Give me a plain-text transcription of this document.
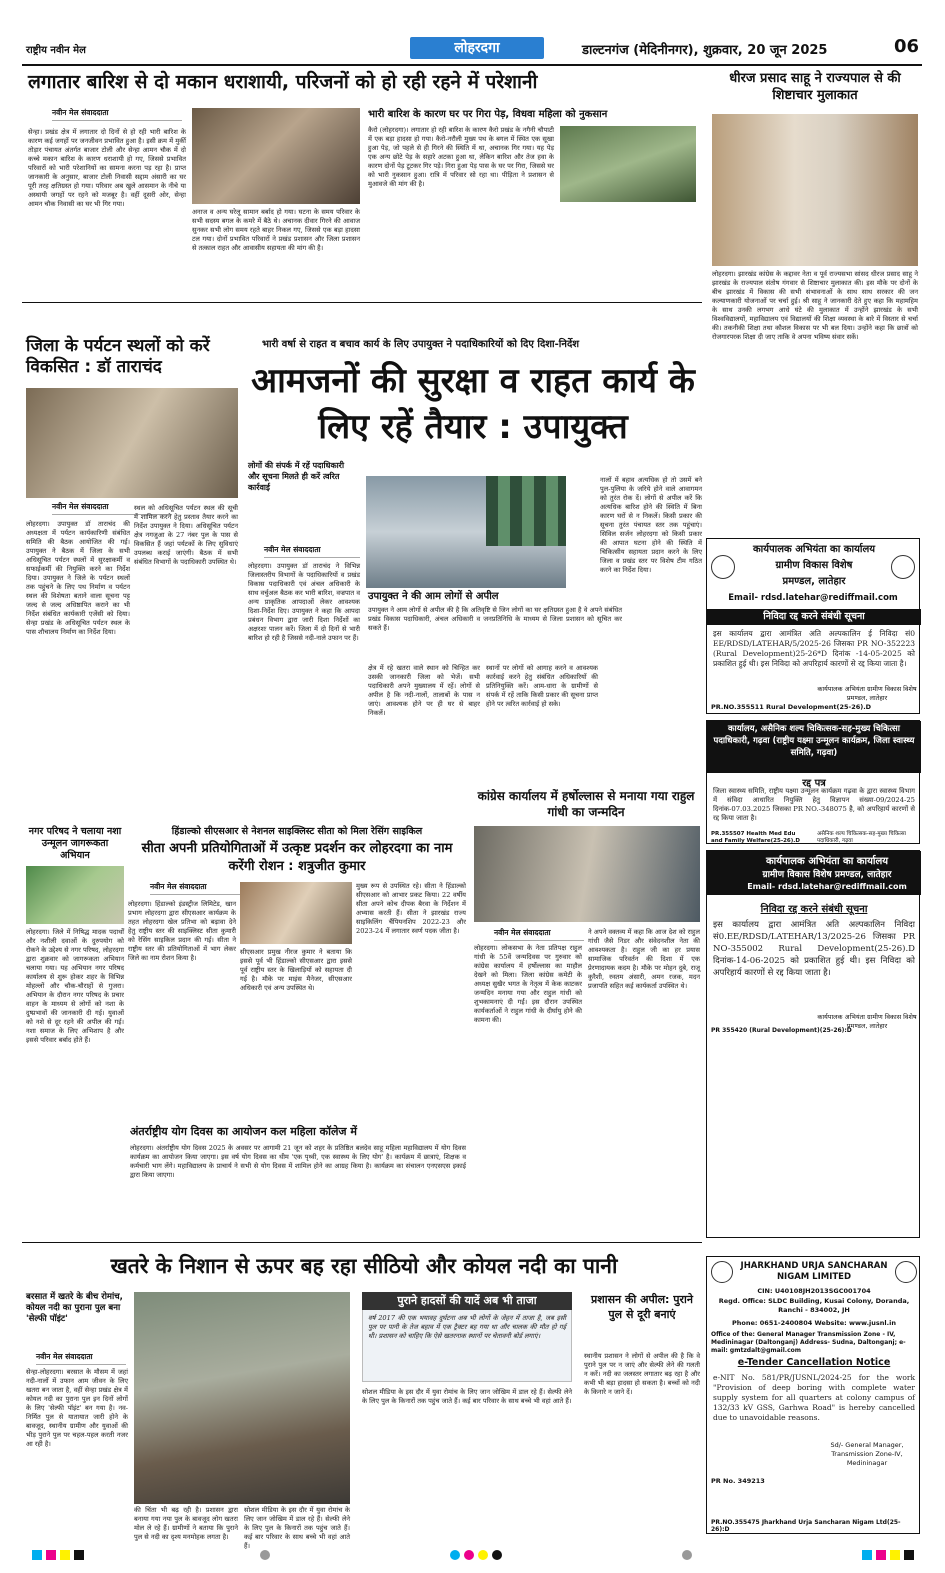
राष्ट्रीय नवीन मेल	लोहरदगा	डाल्टनगंज (मेदिनीनगर), शुक्रवार, 20 जून 2025	06
लगातार बारिश से दो मकान धराशायी, परिजनों को हो रही रहने में परेशानी
नवीन मेल संवाददाता
सेन्हा। प्रखंड क्षेत्र में लगातार दो दिनों से हो रही भारी बारिश के कारण कई जगहों पर जनजीवन प्रभावित हुआ है। इसी क्रम में मुर्की तोड़ार पंचायत अंतर्गत बाजार टोली और सेन्हा आमन चौक में दो कच्चे मकान बारिश के कारण धराशायी हो गए, जिससे प्रभावित परिवारों को भारी परेशानियों का सामना करना पड़ रहा है। प्राप्त जानकारी के अनुसार, बाजार टोली निवासी सद्दाम अंसारी का घर पूरी तरह क्षतिग्रस्त हो गया। परिवार अब खुले आसमान के नीचे या अस्थायी जगहों पर रहने को मजबूर है। वहीं दूसरी ओर, सेन्हा आमन चौक निवासी का घर भी गिर गया।
अनाज व अन्य घरेलू सामान बर्बाद हो गया। घटना के समय परिवार के सभी सदस्य बगल के कमरे में बैठे थे। अचानक दीवार गिरने की आवाज सुनकर सभी लोग समय रहते बाहर निकल गए, जिससे एक बड़ा हादसा टल गया। दोनों प्रभावित परिवारों ने प्रखंड प्रशासन और जिला प्रशासन से तत्काल राहत और आवासीय सहायता की मांग की है।
भारी बारिश के कारण घर पर गिरा पेड़, विधवा महिला को नुकसान
कैरो (लोहरदगा)। लगातार हो रही बारिश के कारण कैरो प्रखंड के नगैनी चौपाटी में एक बड़ा हादसा हो गया। कैरो-नरौली मुख्य पथ के बगल में स्थित एक सूखा हुआ पेड़, जो पहले से ही गिरने की स्थिति में था, अचानक गिर गया। यह पेड़ एक अन्य छोटे पेड़ के सहारे अटका हुआ था, लेकिन बारिश और तेज हवा के कारण दोनों पेड़ टूटकर गिर पड़े। गिरा हुआ पेड़ पास के घर पर गिरा, जिससे घर को भारी नुकसान हुआ। रात्रि में परिवार सो रहा था। पीड़िता ने प्रशासन से मुआवजे की मांग की है।
धीरज प्रसाद साहू ने राज्यपाल से की शिष्टाचार मुलाकात
लोहरदगा। झारखंड कांग्रेस के कद्दावर नेता व पूर्व राज्यसभा सांसद धीरज प्रसाद साहू ने झारखंड के राज्यपाल संतोष गंगवार से शिष्टाचार मुलाकात की। इस मौके पर दोनों के बीच झारखंड में विकास की सभी संभावनाओं के साथ साथ सरकार की जन कल्याणकारी योजनाओं पर चर्चा हुई। श्री साहू ने जानकारी देते हुए कहा कि महामहिम के साथ उनकी लगभग आधे घंटे की मुलाकात में उन्होंने झारखंड के सभी विश्वविद्यालयों, महाविद्यालय एवं विद्यालयों की शिक्षा व्यवस्था के बारे में विस्तार से चर्चा की। तकनीकी शिक्षा तथा कौशल विकास पर भी बल दिया। उन्होंने कहा कि छात्रों को रोजगारपरक शिक्षा दी जाए ताकि वे अपना भविष्य संवार सकें।
जिला के पर्यटन स्थलों को करें विकसित : डॉ ताराचंद
नवीन मेल संवाददाता
लोहरदगा। उपायुक्त डॉ ताराचंद की अध्यक्षता में पर्यटन कार्यकारिणी संबंधित समिति की बैठक आयोजित की गई। उपायुक्त ने बैठक में जिला के सभी अधिसूचित पर्यटन स्थलों में सुरक्षाकर्मी व सफाईकर्मी की नियुक्ति करने का निर्देश दिया। उपायुक्त ने जिले के पर्यटन स्थलों तक पहुंचने के लिए पथ निर्माण व पर्यटन स्थल की विशेषता बताने वाला सूचना पट्ट जल्द से जल्द अधिष्ठापित कराने का भी निर्देश संबंधित कार्यकारी एजेंसी को दिया। सेन्हा प्रखंड के अधिसूचित पर्यटन स्थल के पास शौचालय निर्माण का निर्देश दिया।
स्थल को अधिसूचित पर्यटन स्थल की सूची में शामिल करने हेतु प्रस्ताव तैयार करने का निर्देश उपायुक्त ने दिया। अधिसूचित पर्यटन क्षेत्र नगजुआ के 27 नंबर पुल के पास से विकसित हैं जहां पर्यटकों के लिए सुविधाएं उपलब्ध कराई जाएंगी। बैठक में सभी संबंधित विभागों के पदाधिकारी उपस्थित थे।
भारी वर्षा से राहत व बचाव कार्य के लिए उपायुक्त ने पदाधिकारियों को दिए दिशा-निर्देश
आमजनों की सुरक्षा व राहत कार्य के लिए रहें तैयार : उपायुक्त
लोगों की संपर्क में रहें पदाधिकारी और सूचना मिलते ही करें त्वरित कार्रवाई
नवीन मेल संवाददाता
लोहरदगा। उपायुक्त डॉ ताराचंद ने विभिन्न जिलास्तरीय विभागों के पदाधिकारियों व प्रखंड विकास पदाधिकारी एवं अंचल अधिकारी के साथ वर्चुअल बैठक कर भारी बारिश, वज्रपात व अन्य प्राकृतिक आपदाओं लेकर आवश्यक दिशा-निर्देश दिए। उपायुक्त ने कहा कि आपदा प्रबंधन विभाग द्वारा जारी दिशा निर्देशों का अक्षरशः पालन करें। जिला में दो दिनों से भारी बारिश हो रही है जिससे नदी-नाले उफान पर हैं।
उपायुक्त ने की आम लोगों से अपील
उपायुक्त ने आम लोगों से अपील की है कि अतिवृष्टि से जिन लोगों का घर क्षतिग्रस्त हुआ है वे अपने संबंधित प्रखंड विकास पदाधिकारी, अंचल अधिकारी व जनप्रतिनिधि के माध्यम से जिला प्रशासन को सूचित कर सकते हैं।
क्षेत्र में रहे खतरा वाले स्थान को चिन्हित कर उसकी जानकारी जिला को भेजें। सभी पदाधिकारी अपने मुख्यालय में रहें। लोगों से अपील है कि नदी-नालों, तालाबों के पास न जाएं। आवश्यक होने पर ही घर से बाहर निकलें।
स्थानों पर लोगों को आगाह करने व आवश्यक कार्रवाई करने हेतु संबंधित अधिकारियों की प्रतिनियुक्ति करें। आम-धारा के ग्रामीणों से संपर्क में रहें ताकि किसी प्रकार की सूचना प्राप्त होने पर त्वरित कार्रवाई हो सके।
नालों में बहाव अत्यधिक हो तो उसमें बने पुल-पुलिया के जरिये होने वाले आवागमन को तुरंत रोक दें। लोगों से अपील करें कि अत्यधिक बारिश होने की स्थिति में बिना कारण घरों से न निकलें। किसी प्रकार की सूचना तुरंत पंचायत स्तर तक पहुंचाएं। सिविल सर्जन लोहरदगा को किसी प्रकार की आपात घटना होने की स्थिति में चिकित्सीय सहायता प्रदान करने के लिए जिला व प्रखंड स्तर पर विशेष टीम गठित करने का निर्देश दिया।
कार्यपालक अभियंता का कार्यालय
ग्रामीण विकास विशेष
प्रमण्डल, लातेहार
Email- rdsd.latehar@rediffmail.com
निविदा रद्द करने संबंधी सूचना
इस कार्यालय द्वारा आमंत्रित अति अल्पकालिन ई निविदा सं0 EE/RDSD/LATEHAR/5/2025-26 जिसका PR NO-352223 (Rural Development)25-26*D दिनांक -14-05-2025 को प्रकाशित हुई थी। इस निविदा को अपरिहार्य कारणों से रद्द किया जाता है।
कार्यपालक अभियंता ग्रामीण विकास विशेष प्रमण्डल, लातेहार
PR.NO.355511 Rural Development(25-26).D
कार्यालय, असैनिक शल्य चिकित्सक-सह-मुख्य चिकित्सा पदाधिकारी, गढ़वा (राष्ट्रीय यक्ष्मा उन्मूलन कार्यक्रम, जिला स्वास्थ्य समिति, गढ़वा)
रद्द पत्र
जिला स्वास्थ्य समिति, राष्ट्रीय यक्ष्मा उन्मूलन कार्यक्रम गढ़वा के द्वारा स्वास्थ्य विभाग में संविदा आधारित नियुक्ति हेतु विज्ञापन संख्या-09/2024-25 दिनांक-07.03.2025 जिसका PR NO.-348075 है, को अपरिहार्य कारणों से रद्द किया जाता है।
PR.355507 Health Med Edu and Family Welfare(25-26).D
असैनिक शल्य चिकित्सक-सह-मुख्य चिकित्सा पदाधिकारी, गढ़वा
नगर परिषद ने चलाया नशा उन्मूलन जागरूकता अभियान
लोहरदगा। जिले में निषिद्ध मादक पदार्थों और नशीली दवाओं के दुरुपयोग को रोकने के उद्देश्य से नगर परिषद, लोहरदगा द्वारा शुक्रवार को जागरूकता अभियान चलाया गया। यह अभियान नगर परिषद कार्यालय से शुरू होकर शहर के विभिन्न मोहल्लों और चौक-चौराहों से गुजरा। अभियान के दौरान नगर परिषद के प्रचार वाहन के माध्यम से लोगों को नशा के दुष्प्रभावों की जानकारी दी गई। युवाओं को नशे से दूर रहने की अपील की गई। नशा समाज के लिए अभिशाप है और इससे परिवार बर्बाद होते हैं।
हिंडाल्को सीएसआर से नेशनल साइक्लिस्ट सीता को मिला रेसिंग साइकिल
सीता अपनी प्रतियोगिताओं में उत्कृष्ट प्रदर्शन कर लोहरदगा का नाम करेंगी रोशन : शत्रुजीत कुमार
नवीन मेल संवाददाता
लोहरदगा। हिंडाल्को इंडस्ट्रीज लिमिटेड, खान प्रभाग लोहरदगा द्वारा सीएसआर कार्यक्रम के तहत लोहरदगा खेल प्रतिभा को बढ़ावा देने हेतु राष्ट्रीय स्तर की साइक्लिस्ट सीता कुमारी को रेसिंग साइकिल प्रदान की गई। सीता ने राष्ट्रीय स्तर की प्रतियोगिताओं में भाग लेकर जिले का नाम रोशन किया है।
सीएसआर प्रमुख नीरज कुमार ने बताया कि इससे पूर्व भी हिंडाल्को सीएसआर द्वारा इससे पूर्व राष्ट्रीय स्तर के खिलाड़ियों को सहायता दी गई है। मौके पर माइंस मैनेजर, सीएसआर अधिकारी एवं अन्य उपस्थित थे।
मुख्य रूप से उपस्थित रहे। सीता ने हिंडाल्को सीएसआर को आभार प्रकट किया। 22 वर्षीय सीता अपने कोच दीपक बैरवा के निर्देशन में अभ्यास करती हैं। सीता ने झारखंड राज्य साइकिलिंग चैंपियनशिप 2022-23 और 2023-24 में लगातार स्वर्ण पदक जीता है।
कांग्रेस कार्यालय में हर्षोल्लास से मनाया गया राहुल गांधी का जन्मदिन
नवीन मेल संवाददाता
लोहरदगा। लोकसभा के नेता प्रतिपक्ष राहुल गांधी के 55वें जन्मदिवस पर गुरुवार को कांग्रेस कार्यालय में हर्षोल्लास का माहौल देखने को मिला। जिला कांग्रेस कमेटी के अध्यक्ष सुखैर भगत के नेतृत्व में केक काटकर जन्मदिन मनाया गया और राहुल गांधी को शुभकामनाएं दी गईं। इस दौरान उपस्थित कार्यकर्ताओं ने राहुल गांधी के दीर्घायु होने की कामना की।
ने अपने वक्तव्य में कहा कि आज देश को राहुल गांधी जैसे निडर और संवेदनशील नेता की आवश्यकता है। राहुल जी का हर प्रयास सामाजिक परिवर्तन की दिशा में एक प्रेरणादायक कदम है। मौके पर मोहन दुबे, राजू कुरैशी, रुस्तम अंसारी, अमन रजक, मदन प्रजापति सहित कई कार्यकर्ता उपस्थित थे।
अंतर्राष्ट्रीय योग दिवस का आयोजन कल महिला कॉलेज में
लोहरदगा। अंतर्राष्ट्रीय योग दिवस 2025 के अवसर पर आगामी 21 जून को शहर के प्रतिष्ठित बलदेव साहू महिला महाविद्यालय में योग दिवस कार्यक्रम का आयोजन किया जाएगा। इस वर्ष योग दिवस का थीम 'एक पृथ्वी, एक स्वास्थ्य के लिए योग' है। कार्यक्रम में छात्राएं, शिक्षक व कर्मचारी भाग लेंगे। महाविद्यालय के प्राचार्य ने सभी से योग दिवस में शामिल होने का आग्रह किया है। कार्यक्रम का संचालन एनएसएस इकाई द्वारा किया जाएगा।
कार्यपालक अभियंता का कार्यालय
ग्रामीण विकास विशेष प्रमण्डल, लातेहार
Email- rdsd.latehar@rediffmail.com
निविदा रद्द करने संबंधी सूचना
इस कार्यालय द्वारा आमंत्रित अति अल्पकालिन निविदा सं0.EE/RDSD/LATEHAR/13/2025-26 जिसका PR NO-355002 Rural Development(25-26).D दिनांक-14-06-2025 को प्रकाशित हुई थी। इस निविदा को अपरिहार्य कारणों से रद्द किया जाता है।
कार्यपालक अभियंता ग्रामीण विकास विशेष प्रमण्डल, लातेहार
PR 355420 (Rural Development)(25-26):D
खतरे के निशान से ऊपर बह रहा सीठियो और कोयल नदी का पानी
बरसात में खतरे के बीच रोमांच, कोयल नदी का पुराना पुल बना 'सेल्फी पॉइंट'
नवीन मेल संवाददाता
सेन्हा-लोहरदगा। बरसात के मौसम में जहां नदी-नालों में उफान आम जीवन के लिए खतरा बन जाता है, वहीं सेन्हा प्रखंड क्षेत्र में कोयल नदी का पुराना पुल इन दिनों लोगों के लिए 'सेल्फी पॉइंट' बन गया है। नव-निर्मित पुल से यातायात जारी होने के बावजूद, स्थानीय ग्रामीण और युवाओं की भीड़ पुराने पुल पर चहल-पहल करती नजर आ रही है।
की चिंता भी बढ़ रही है। प्रशासन द्वारा बनाया गया नया पुल के बावजूद लोग खतरा मोल ले रहे हैं। ग्रामीणों ने बताया कि पुराने पुल से नदी का दृश्य मनमोहक लगता है।
सोशल मीडिया के इस दौर में युवा रोमांच के लिए जान जोखिम में डाल रहे हैं। सेल्फी लेने के लिए पुल के किनारों तक पहुंच जाते हैं। कई बार परिवार के साथ बच्चे भी वहां आते हैं।
पुराने हादसों की यादें अब भी ताजा
वर्ष 2017 की एक भयावह दुर्घटना अब भी लोगों के जेहन में ताजा है, जब इसी पुल पर पानी के तेज बहाव में एक ट्रैक्टर बह गया था और चालक की मौत हो गई थी। प्रशासन को चाहिए कि ऐसे खतरनाक स्थानों पर चेतावनी बोर्ड लगाएं।
सोशल मीडिया के इस दौर में युवा रोमांच के लिए जान जोखिम में डाल रहे हैं। सेल्फी लेने के लिए पुल के किनारों तक पहुंच जाते हैं। कई बार परिवार के साथ बच्चे भी वहां आते हैं।
प्रशासन की अपील: पुराने पुल से दूरी बनाएं
स्थानीय प्रशासन ने लोगों से अपील की है कि वे पुराने पुल पर न जाएं और सेल्फी लेने की गलती न करें। नदी का जलस्तर लगातार बढ़ रहा है और कभी भी बड़ा हादसा हो सकता है। बच्चों को नदी के किनारे न जाने दें।
JHARKHAND URJA SANCHARAN NIGAM LIMITED
CIN: U40108JH2013SGC001704
Regd. Office: SLDC Building, Kusai Colony, Doranda, Ranchi - 834002, JH
Phone: 0651-2400804 Website: www.jusnl.in
Office of the: General Manager Transmission Zone - IV, Medininagar (Daltonganj) Address- Sudna, Daltonganj; e-mail: gmtzdalt@gmail.com
e-Tender Cancellation Notice
e-NIT No. 581/PR/JUSNL/2024-25 for the work "Provision of deep boring with complete water supply system for all quarters at colony campus of 132/33 kV GSS, Garhwa Road" is hereby cancelled due to unavoidable reasons.
Sd/- General Manager, Transmission Zone-IV, Medininagar
PR No. 349213
PR.NO.355475 Jharkhand Urja Sancharan Nigam Ltd(25-26):D
